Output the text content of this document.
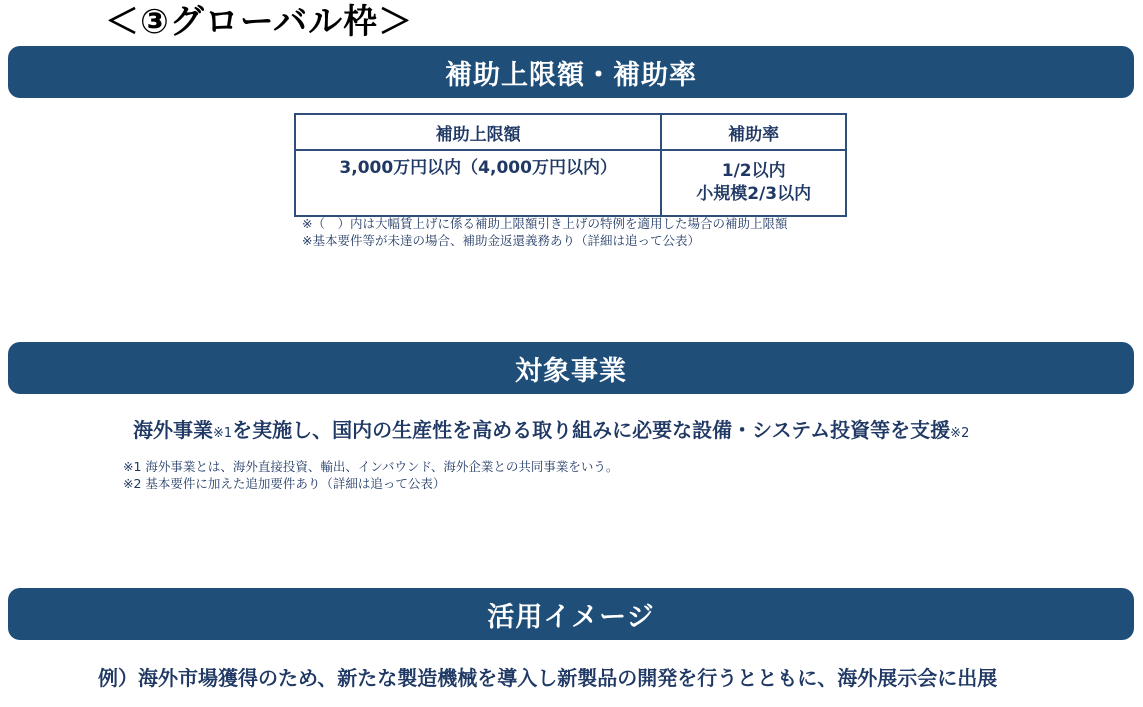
＜③グローバル枠＞
補助上限額・補助率
補助上限額	補助率
3,000万円以内（4,000万円以内）	1/2以内
小規模2/3以内
※（　）内は大幅賃上げに係る補助上限額引き上げの特例を適用した場合の補助上限額
※基本要件等が未達の場合、補助金返還義務あり（詳細は追って公表）
対象事業
海外事業※1を実施し、国内の生産性を高める取り組みに必要な設備・システム投資等を支援※2
※1 海外事業とは、海外直接投資、輸出、インバウンド、海外企業との共同事業をいう。
※2 基本要件に加えた追加要件あり（詳細は追って公表）
活用イメージ
例）海外市場獲得のため、新たな製造機械を導入し新製品の開発を行うとともに、海外展示会に出展
